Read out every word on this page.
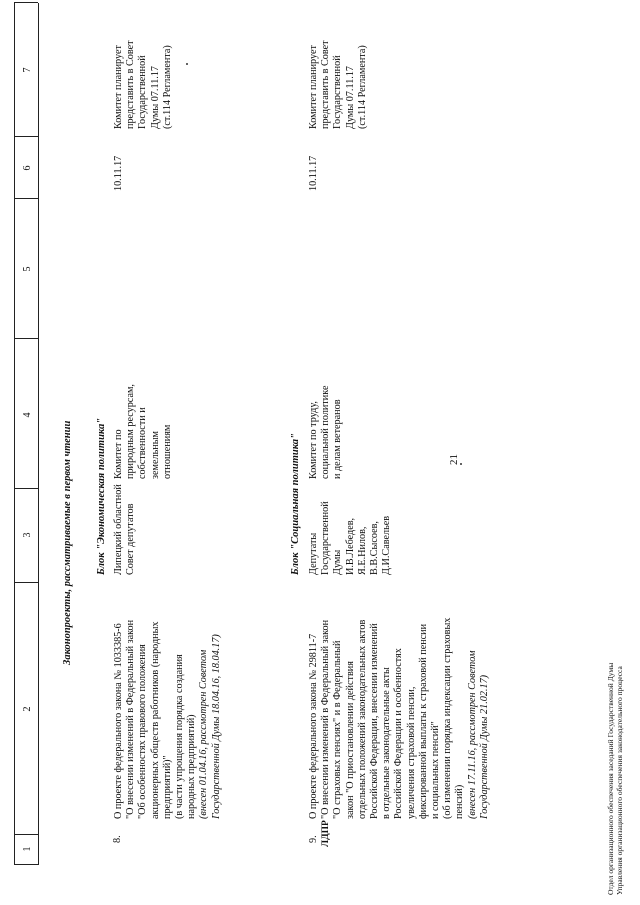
21
1
2
3
4
5
6
7
Законопроекты, рассматриваемые в первом чтении Блок "Экономическая политика"
8.
О проекте федерального закона № 1033385-6 "О внесении изменений в Федеральный закон "Об особенностях правового положения акционерных обществ работников (народных предприятий)" (в части упрощения порядка создания народных предприятий) (внесен 01.04.16, рассмотрен Советом Государственной Думы 18.04.16, 18.04.17)
Липецкий областной Совет депутатов
Комитет по природным ресурсам, собственности и земельным отношениям
10.11.17
Комитет планирует представить в Совет Государственной Думы 07.11.17 (ст.114 Регламента)
Блок "Социальная политика"
9. ЛДПР
О проекте федерального закона № 29811-7 "О внесении изменений в Федеральный закон "О страховых пенсиях" и в Федеральный закон "О приостановлении действия отдельных положений законодательных актов Российской Федерации, внесении изменений в отдельные законодательные акты Российской Федерации и особенностях увеличения страховой пенсии, фиксированной выплаты к страховой пенсии и социальных пенсий" (об изменении порядка индексации страховых пенсий) (внесен 17.11.16, рассмотрен Советом Государственной Думы 21.02.17)
Депутаты Государственной Думы И.В.Лебедев, Я.Е.Нилов, В.В.Сысоев, Д.И.Савельев
Комитет по труду, социальной политике и делам ветеранов
10.11.17
Комитет планирует представить в Совет Государственной Думы 07.11.17 (ст.114 Регламента)
Отдел организационного обеспечения заседаний Государственной Думы Управления организационного обеспечения законодательного процесса
